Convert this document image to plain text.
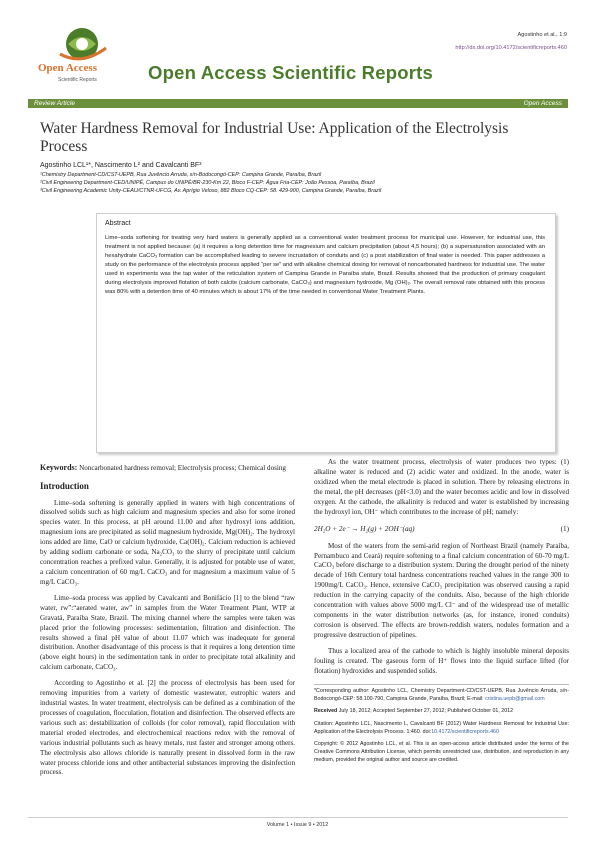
Open Access
Scientific Reports	Open Access Scientific Reports
Agostinho et al., 1:9
http://dx.doi.org/10.4172/scientificreports.460
Review Article	Open Access
Water Hardness Removal for Industrial Use: Application of the Electrolysis Process
Agostinho LCL¹*, Nascimento L² and Cavalcanti BF³
¹Chemistry Department-CD/CST-UEPB, Rua Juvêncio Arruda, s/n-Bodocongó-CEP: Campina Grande, Paraíba, Brazil
²Civil Engineering Department-CED/UNIPÊ, Campus do UNIPÊ/BR-230-Km 22, Bloco F-CEP: Água Fria-CEP: João Pessoa, Paraíba, Brazil
³Civil Engineering Academic Unity-CEAU/CTNR-UFCG, Av. Aprígio Veloso, 882 Bloco CQ-CEP: 58. 429-900, Campina Grande, Paraíba, Brazil
Abstract
Lime–soda softening for treating very hard waters is generally applied as a conventional water treatment process for municipal use. However, for industrial use, this treatment is not applied because: (a) it requires a long detention time for magnesium and calcium precipitation (about 4,5 hours); (b) a supersaturation associated with an hexahydrate CaCO₃ formation can be accomplished leading to severe incrustation of conduits and (c) a post stabilization of final water is needed. This paper addresses a study on the performance of the electrolysis process applied “per se” and with alkaline chemical dosing for removal of noncarbonated hardness for industrial use. The water used in experiments was the tap water of the reticulation system of Campina Grande in Paraíba state, Brazil. Results showed that the production of primary coagulant during electrolysis improved flotation of both calcite (calcium carbonate, CaCO₃) and magnesium hydroxide, Mg (OH)₂. The overall removal rate obtained with this process was 80% with a detention time of 40 minutes which is about 17% of the time needed in conventional Water Treatment Plants.

Keywords: Noncarbonated hardness removal; Electrolysis process; Chemical dosing

Introduction

Lime–soda softening is generally applied in waters with high concentrations of dissolved solids such as high calcium and magnesium species and also for some ironed species water. In this process, at pH around 11.00 and after hydroxyl ions addition, magnesium ions are precipitated as solid magnesium hydroxide, Mg(OH)₂. The hydroxyl ions added are lime, CaO or calcium hydroxide, Ca(OH)₂. Calcium reduction is achieved by adding sodium carbonate or soda, Na₂CO₃ to the slurry of precipitate until calcium concentration reaches a prefixed value. Generally, it is adjusted for potable use of water, a calcium concentration of 60 mg/L CaCO₃ and for magnesium a maximum value of 5 mg/L CaCO₃.

Lime–soda process was applied by Cavalcanti and Bonifácio [1] to the blend “raw water, rw”:“aerated water, aw” in samples from the Water Treatment Plant, WTP at Gravatá, Paraíba State, Brazil. The mixing channel where the samples were taken was placed prior the following processes: sedimentation, filtration and disinfection. The results showed a final pH value of about 11.07 which was inadequate for general distribution. Another disadvantage of this process is that it requires a long detention time (above eight hours) in the sedimentation tank in order to precipitate total alkalinity and calcium carbonate, CaCO₃.

According to Agostinho et al. [2] the process of electrolysis has been used for removing impurities from a variety of domestic wastewater, eutrophic waters and industrial wastes. In water treatment, electrolysis can be defined as a combination of the processes of coagulation, flocculation, flotation and disinfection. The observed effects are various such as: destabilization of colloids (for color removal), rapid flocculation with material eroded electrodes, and electrochemical reactions redox with the removal of various industrial pollutants such as heavy metals, rust faster and stronger among others. The electrolysis also allows chloride is naturally present in dissolved form in the raw water process chloride ions and other antibacterial substances improving the disinfection process.

As the water treatment process, electrolysis of water produces two types: (1) alkaline water is reduced and (2) acidic water and oxidized. In the anode, water is oxidized when the metal electrode is placed in solution. There by releasing electrons in the metal, the pH decreases (pH<3.0) and the water becomes acidic and low in dissolved oxygen. At the cathode, the alkalinity is reduced and water is established by increasing the hydroxyl ion, OH⁻ which contributes to the increase of pH; namely:

2H₂O + 2e⁻ → H₂(g) + 2OH⁻(aq)	(1)

Most of the waters from the semi-arid region of Northeast Brazil (namely Paraíba, Pernambuco and Ceará) require softening to a final calcium concentration of 60-70 mg/L CaCO₃ before discharge to a distribution system. During the drought period of the ninety decade of 16th Century total hardness concentrations reached values in the range 300 to 1900mg/L CaCO₃. Hence, extensive CaCO₃ precipitation was observed causing a rapid reduction in the carrying capacity of the conduits. Also, because of the high chloride concentration with values above 5000 mg/L Cl⁻ and of the widespread use of metallic components in the water distribution networks (as, for instance, ironed conduits) corrosion is observed. The effects are brown-reddish waters, nodules formation and a progressive destruction of pipelines.

Thus a localized area of the cathode to which is highly insoluble mineral deposits fouling is created. The gaseous form of H⁺ flows into the liquid surface lifted (for flotation) hydroxides and suspended solids.

*Corresponding author: Agostinho LCL, Chemistry Department-CD/CST-UEPB, Rua Juvêncio Arruda, s/n-Bodocongó-CEP: 58.100-790, Campina Grande, Paraíba, Brazil; E-mail: cristina.uepb@gmail.com

Received July 18, 2012; Accepted September 27, 2012; Published October 01, 2012

Citation: Agostinho LCL, Nascimento L, Cavalcanti BF (2012) Water Hardness Removal for Industrial Use: Application of the Electrolysis Process. 1:460. doi:10.4172/scientificreports.460

Copyright: © 2012 Agostinho LCL, et al. This is an open-access article distributed under the terms of the Creative Commons Attribution License, which permits unrestricted use, distribution, and reproduction in any medium, provided the original author and source are credited.

Volume 1 • Issue 9 • 2012
